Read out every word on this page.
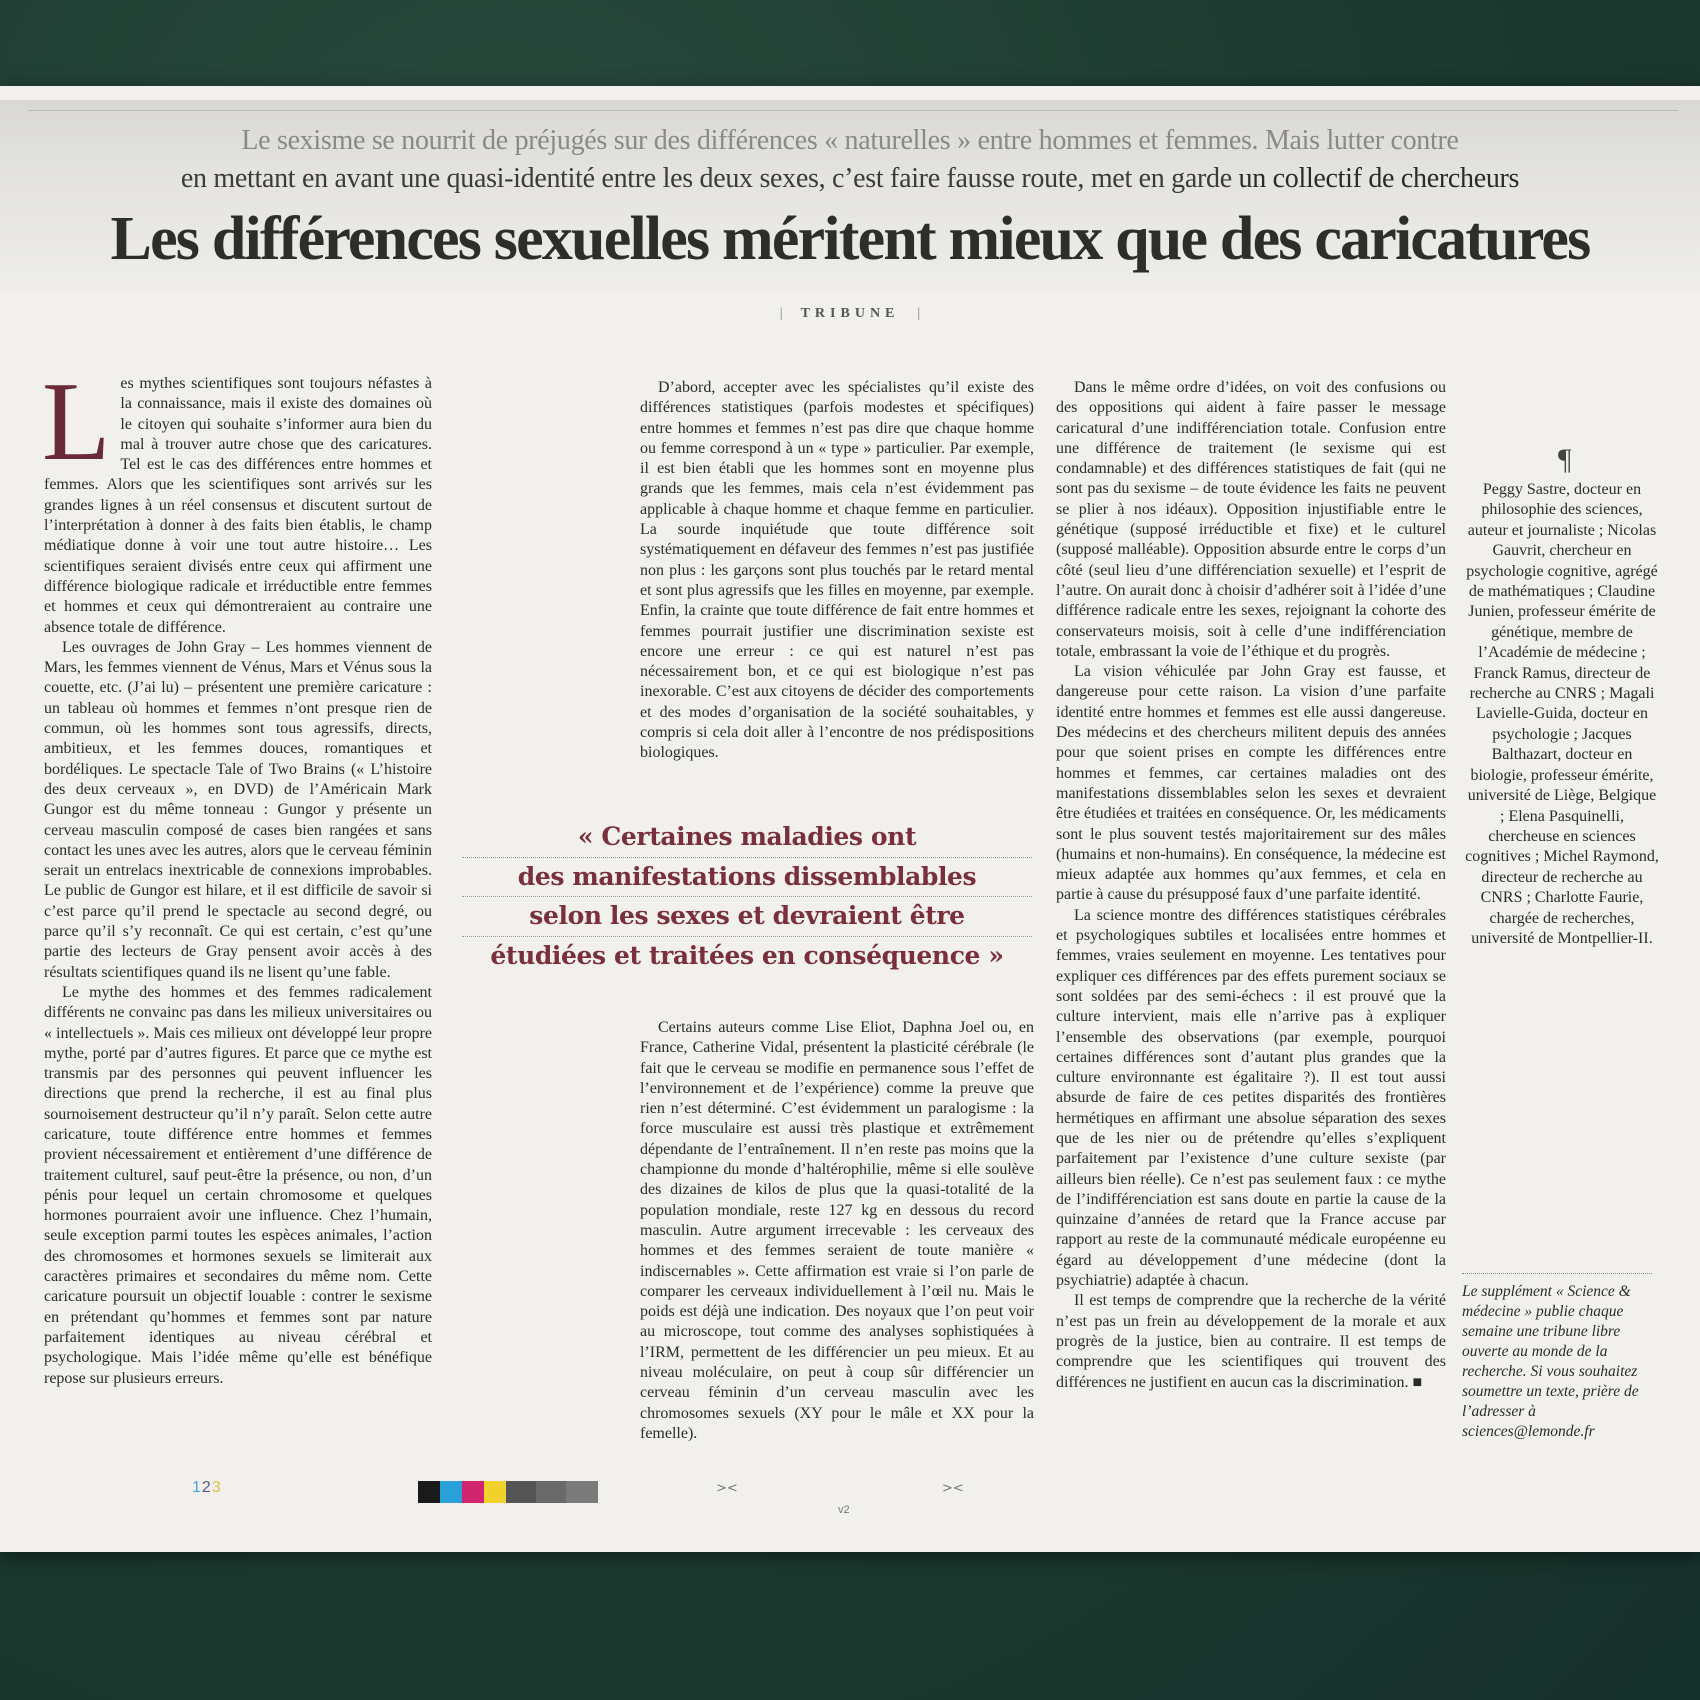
Le sexisme se nourrit de préjugés sur des différences « naturelles » entre hommes et femmes. Mais lutter contre
en mettant en avant une quasi-identité entre les deux sexes, c’est faire fausse route, met en garde un collectif de chercheurs
Les différences sexuelles méritent mieux que des caricatures
| TRIBUNE |

Les mythes scientifiques sont toujours néfastes à la connaissance, mais il existe des domaines où le citoyen qui souhaite s’informer aura bien du mal à trouver autre chose que des caricatures. Tel est le cas des différences entre hommes et femmes. Alors que les scientifiques sont arrivés sur les grandes lignes à un réel consensus et discutent surtout de l’interprétation à donner à des faits bien établis, le champ médiatique donne à voir une tout autre histoire… Les scientifiques seraient divisés entre ceux qui affirment une différence biologique radicale et irréductible entre femmes et hommes et ceux qui démontreraient au contraire une absence totale de différence.

Les ouvrages de John Gray – Les hommes viennent de Mars, les femmes viennent de Vénus, Mars et Vénus sous la couette, etc. (J’ai lu) – présentent une première caricature : un tableau où hommes et femmes n’ont presque rien de commun, où les hommes sont tous agressifs, directs, ambitieux, et les femmes douces, romantiques et bordéliques. Le spectacle Tale of Two Brains (« L’histoire des deux cerveaux », en DVD) de l’Américain Mark Gungor est du même tonneau : Gungor y présente un cerveau masculin composé de cases bien rangées et sans contact les unes avec les autres, alors que le cerveau féminin serait un entrelacs inextricable de connexions improbables. Le public de Gungor est hilare, et il est difficile de savoir si c’est parce qu’il prend le spectacle au second degré, ou parce qu’il s’y reconnaît. Ce qui est certain, c’est qu’une partie des lecteurs de Gray pensent avoir accès à des résultats scientifiques quand ils ne lisent qu’une fable.

Le mythe des hommes et des femmes radicalement différents ne convainc pas dans les milieux universitaires ou « intellectuels ». Mais ces milieux ont développé leur propre mythe, porté par d’autres figures. Et parce que ce mythe est transmis par des personnes qui peuvent influencer les directions que prend la recherche, il est au final plus sournoisement destructeur qu’il n’y paraît. Selon cette autre caricature, toute différence entre hommes et femmes provient nécessairement et entièrement d’une différence de traitement culturel, sauf peut-être la présence, ou non, d’un pénis pour lequel un certain chromosome et quelques hormones pourraient avoir une influence. Chez l’humain, seule exception parmi toutes les espèces animales, l’action des chromosomes et hormones sexuels se limiterait aux caractères primaires et secondaires du même nom. Cette caricature poursuit un objectif louable : contrer le sexisme en prétendant qu’hommes et femmes sont par nature parfaitement identiques au niveau cérébral et psychologique. Mais l’idée même qu’elle est bénéfique repose sur plusieurs erreurs.

D’abord, accepter avec les spécialistes qu’il existe des différences statistiques (parfois modestes et spécifiques) entre hommes et femmes n’est pas dire que chaque homme ou femme correspond à un « type » particulier. Par exemple, il est bien établi que les hommes sont en moyenne plus grands que les femmes, mais cela n’est évidemment pas applicable à chaque homme et chaque femme en particulier. La sourde inquiétude que toute différence soit systématiquement en défaveur des femmes n’est pas justifiée non plus : les garçons sont plus touchés par le retard mental et sont plus agressifs que les filles en moyenne, par exemple. Enfin, la crainte que toute différence de fait entre hommes et femmes pourrait justifier une discrimination sexiste est encore une erreur : ce qui est naturel n’est pas nécessairement bon, et ce qui est biologique n’est pas inexorable. C’est aux citoyens de décider des comportements et des modes d’organisation de la société souhaitables, y compris si cela doit aller à l’encontre de nos prédispositions biologiques.

« Certaines maladies ont
des manifestations dissemblables
selon les sexes et devraient être
étudiées et traitées en conséquence »

Certains auteurs comme Lise Eliot, Daphna Joel ou, en France, Catherine Vidal, présentent la plasticité cérébrale (le fait que le cerveau se modifie en permanence sous l’effet de l’environnement et de l’expérience) comme la preuve que rien n’est déterminé. C’est évidemment un paralogisme : la force musculaire est aussi très plastique et extrêmement dépendante de l’entraînement. Il n’en reste pas moins que la championne du monde d’haltérophilie, même si elle soulève des dizaines de kilos de plus que la quasi-totalité de la population mondiale, reste 127 kg en dessous du record masculin. Autre argument irrecevable : les cerveaux des hommes et des femmes seraient de toute manière « indiscernables ». Cette affirmation est vraie si l’on parle de comparer les cerveaux individuellement à l’œil nu. Mais le poids est déjà une indication. Des noyaux que l’on peut voir au microscope, tout comme des analyses sophistiquées à l’IRM, permettent de les différencier un peu mieux. Et au niveau moléculaire, on peut à coup sûr différencier un cerveau féminin d’un cerveau masculin avec les chromosomes sexuels (XY pour le mâle et XX pour la femelle).

Dans le même ordre d’idées, on voit des confusions ou des oppositions qui aident à faire passer le message caricatural d’une indifférenciation totale. Confusion entre une différence de traitement (le sexisme qui est condamnable) et des différences statistiques de fait (qui ne sont pas du sexisme – de toute évidence les faits ne peuvent se plier à nos idéaux). Opposition injustifiable entre le génétique (supposé irréductible et fixe) et le culturel (supposé malléable). Opposition absurde entre le corps d’un côté (seul lieu d’une différenciation sexuelle) et l’esprit de l’autre. On aurait donc à choisir d’adhérer soit à l’idée d’une différence radicale entre les sexes, rejoignant la cohorte des conservateurs moisis, soit à celle d’une indifférenciation totale, embrassant la voie de l’éthique et du progrès.

La vision véhiculée par John Gray est fausse, et dangereuse pour cette raison. La vision d’une parfaite identité entre hommes et femmes est elle aussi dangereuse. Des médecins et des chercheurs militent depuis des années pour que soient prises en compte les différences entre hommes et femmes, car certaines maladies ont des manifestations dissemblables selon les sexes et devraient être étudiées et traitées en conséquence. Or, les médicaments sont le plus souvent testés majoritairement sur des mâles (humains et non-humains). En conséquence, la médecine est mieux adaptée aux hommes qu’aux femmes, et cela en partie à cause du présupposé faux d’une parfaite identité.

La science montre des différences statistiques cérébrales et psychologiques subtiles et localisées entre hommes et femmes, vraies seulement en moyenne. Les tentatives pour expliquer ces différences par des effets purement sociaux se sont soldées par des semi-échecs : il est prouvé que la culture intervient, mais elle n’arrive pas à expliquer l’ensemble des observations (par exemple, pourquoi certaines différences sont d’autant plus grandes que la culture environnante est égalitaire ?). Il est tout aussi absurde de faire de ces petites disparités des frontières hermétiques en affirmant une absolue séparation des sexes que de les nier ou de prétendre qu’elles s’expliquent parfaitement par l’existence d’une culture sexiste (par ailleurs bien réelle). Ce n’est pas seulement faux : ce mythe de l’indifférenciation est sans doute en partie la cause de la quinzaine d’années de retard que la France accuse par rapport au reste de la communauté médicale européenne eu égard au développement d’une médecine (dont la psychiatrie) adaptée à chacun.

Il est temps de comprendre que la recherche de la vérité n’est pas un frein au développement de la morale et aux progrès de la justice, bien au contraire. Il est temps de comprendre que les scientifiques qui trouvent des différences ne justifient en aucun cas la discrimination. ■

¶
Peggy Sastre, docteur en philosophie des sciences, auteur et journaliste ; Nicolas Gauvrit, chercheur en psychologie cognitive, agrégé de mathématiques ; Claudine Junien, professeur émérite de génétique, membre de l’Académie de médecine ; Franck Ramus, directeur de recherche au CNRS ; Magali Lavielle-Guida, docteur en psychologie ; Jacques Balthazart, docteur en biologie, professeur émérite, université de Liège, Belgique ; Elena Pasquinelli, chercheuse en sciences cognitives ; Michel Raymond, directeur de recherche au CNRS ; Charlotte Faurie, chargée de recherches, université de Montpellier-II.
Le supplément « Science & médecine » publie chaque semaine une tribune libre ouverte au monde de la recherche. Si vous souhaitez soumettre un texte, prière de l’adresser à sciences@lemonde.fr
123	><	><
v2
